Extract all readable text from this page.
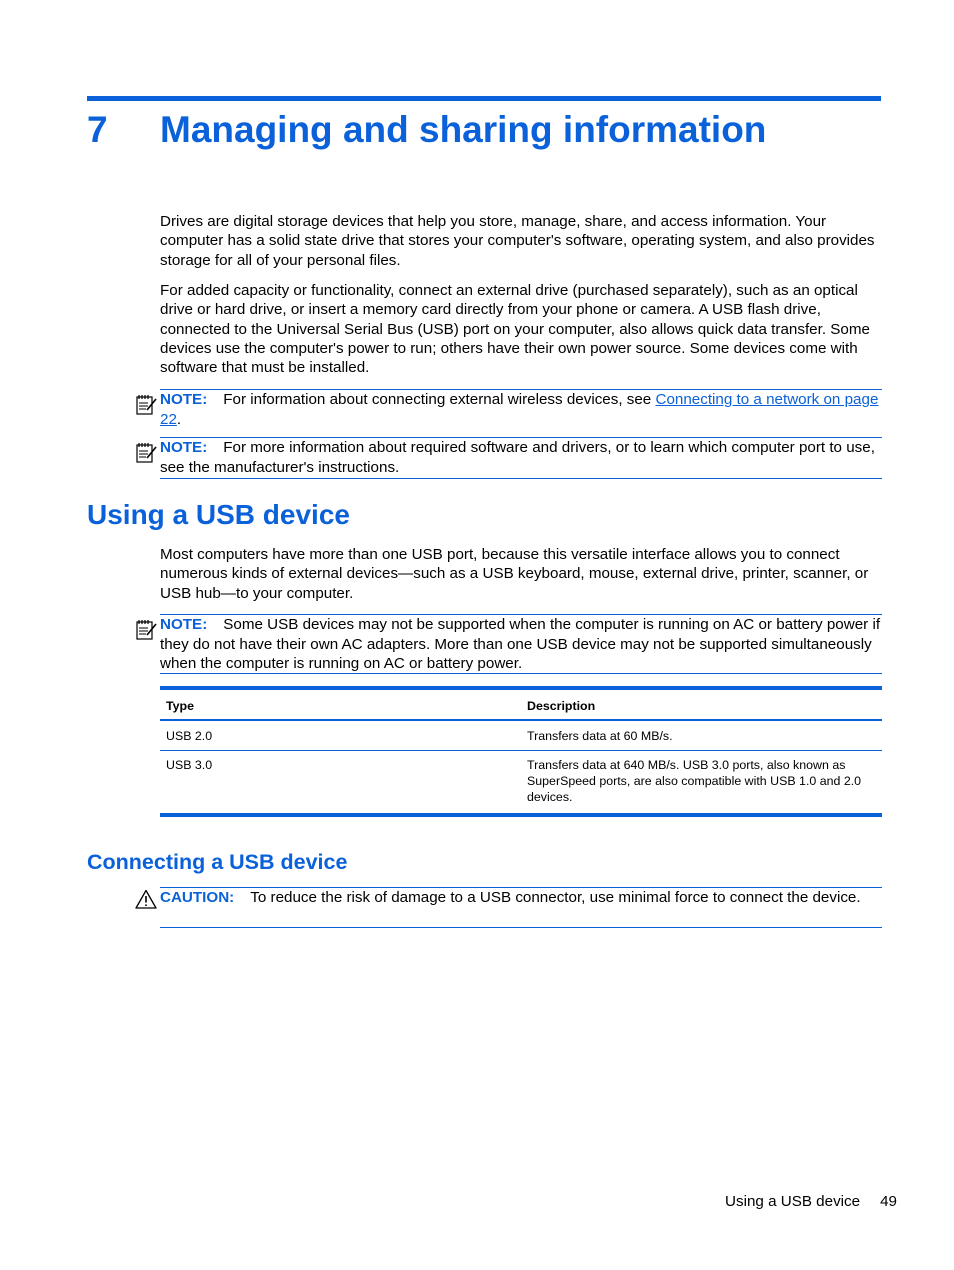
7 Managing and sharing information

Drives are digital storage devices that help you store, manage, share, and access information. Your computer has a solid state drive that stores your computer's software, operating system, and also provides storage for all of your personal files.

For added capacity or functionality, connect an external drive (purchased separately), such as an optical drive or hard drive, or insert a memory card directly from your phone or camera. A USB flash drive, connected to the Universal Serial Bus (USB) port on your computer, also allows quick data transfer. Some devices use the computer's power to run; others have their own power source. Some devices come with software that must be installed.

NOTE: For information about connecting external wireless devices, see Connecting to a network on page 22.
NOTE: For more information about required software and drivers, or to learn which computer port to use, see the manufacturer's instructions.
Using a USB device

Most computers have more than one USB port, because this versatile interface allows you to connect numerous kinds of external devices—such as a USB keyboard, mouse, external drive, printer, scanner, or USB hub—to your computer.

NOTE: Some USB devices may not be supported when the computer is running on AC or battery power if they do not have their own AC adapters. More than one USB device may not be supported simultaneously when the computer is running on AC or battery power.
Type	Description
USB 2.0	Transfers data at 60 MB/s.
USB 3.0	Transfers data at 640 MB/s. USB 3.0 ports, also known as SuperSpeed ports, are also compatible with USB 1.0 and 2.0 devices.
Connecting a USB device
CAUTION: To reduce the risk of damage to a USB connector, use minimal force to connect the device.
Using a USB device 49
